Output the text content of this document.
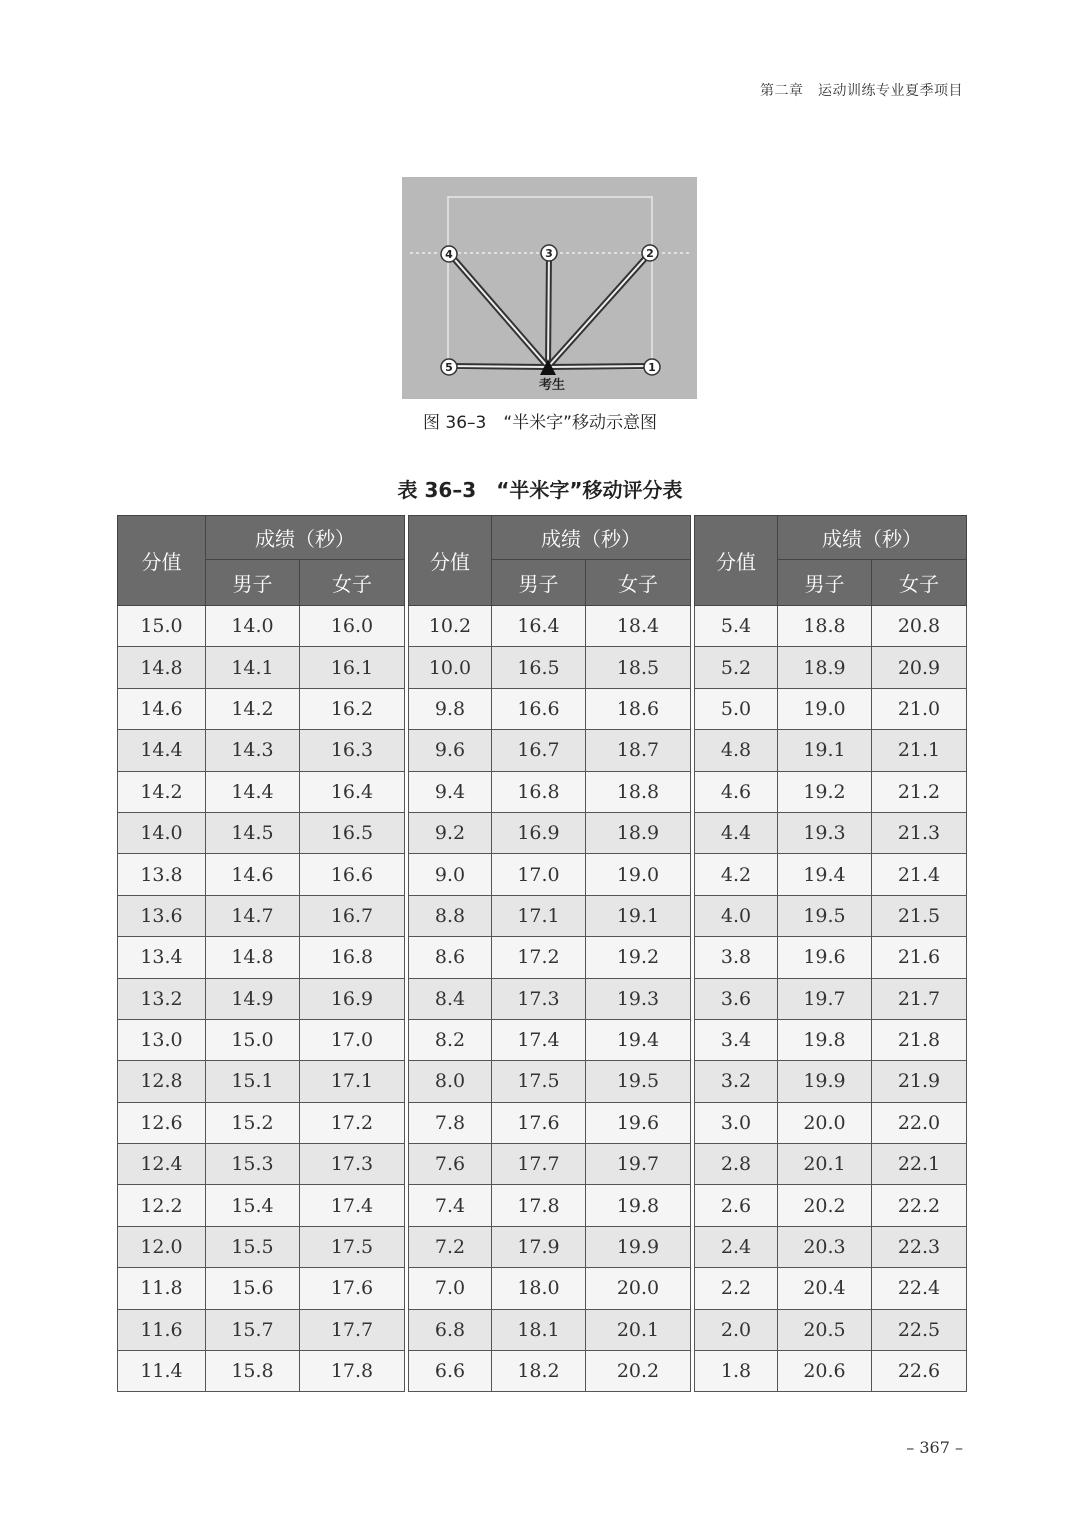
第二章　运动训练专业夏季项目
1
2
3
4
5
考生
图 36–3　“半米字”移动示意图
表 36–3　“半米字”移动评分表
分值	成绩（秒）	
	男子	女子
15.0	14.0	16.0
14.8	14.1	16.1
14.6	14.2	16.2
14.4	14.3	16.3
14.2	14.4	16.4
14.0	14.5	16.5
13.8	14.6	16.6
13.6	14.7	16.7
13.4	14.8	16.8
13.2	14.9	16.9
13.0	15.0	17.0
12.8	15.1	17.1
12.6	15.2	17.2
12.4	15.3	17.3
12.2	15.4	17.4
12.0	15.5	17.5
11.8	15.6	17.6
11.6	15.7	17.7
11.4	15.8	17.8
分值	成绩（秒）	
	男子	女子
10.2	16.4	18.4
10.0	16.5	18.5
9.8	16.6	18.6
9.6	16.7	18.7
9.4	16.8	18.8
9.2	16.9	18.9
9.0	17.0	19.0
8.8	17.1	19.1
8.6	17.2	19.2
8.4	17.3	19.3
8.2	17.4	19.4
8.0	17.5	19.5
7.8	17.6	19.6
7.6	17.7	19.7
7.4	17.8	19.8
7.2	17.9	19.9
7.0	18.0	20.0
6.8	18.1	20.1
6.6	18.2	20.2
分值	成绩（秒）	
	男子	女子
5.4	18.8	20.8
5.2	18.9	20.9
5.0	19.0	21.0
4.8	19.1	21.1
4.6	19.2	21.2
4.4	19.3	21.3
4.2	19.4	21.4
4.0	19.5	21.5
3.8	19.6	21.6
3.6	19.7	21.7
3.4	19.8	21.8
3.2	19.9	21.9
3.0	20.0	22.0
2.8	20.1	22.1
2.6	20.2	22.2
2.4	20.3	22.3
2.2	20.4	22.4
2.0	20.5	22.5
1.8	20.6	22.6
– 367 –
